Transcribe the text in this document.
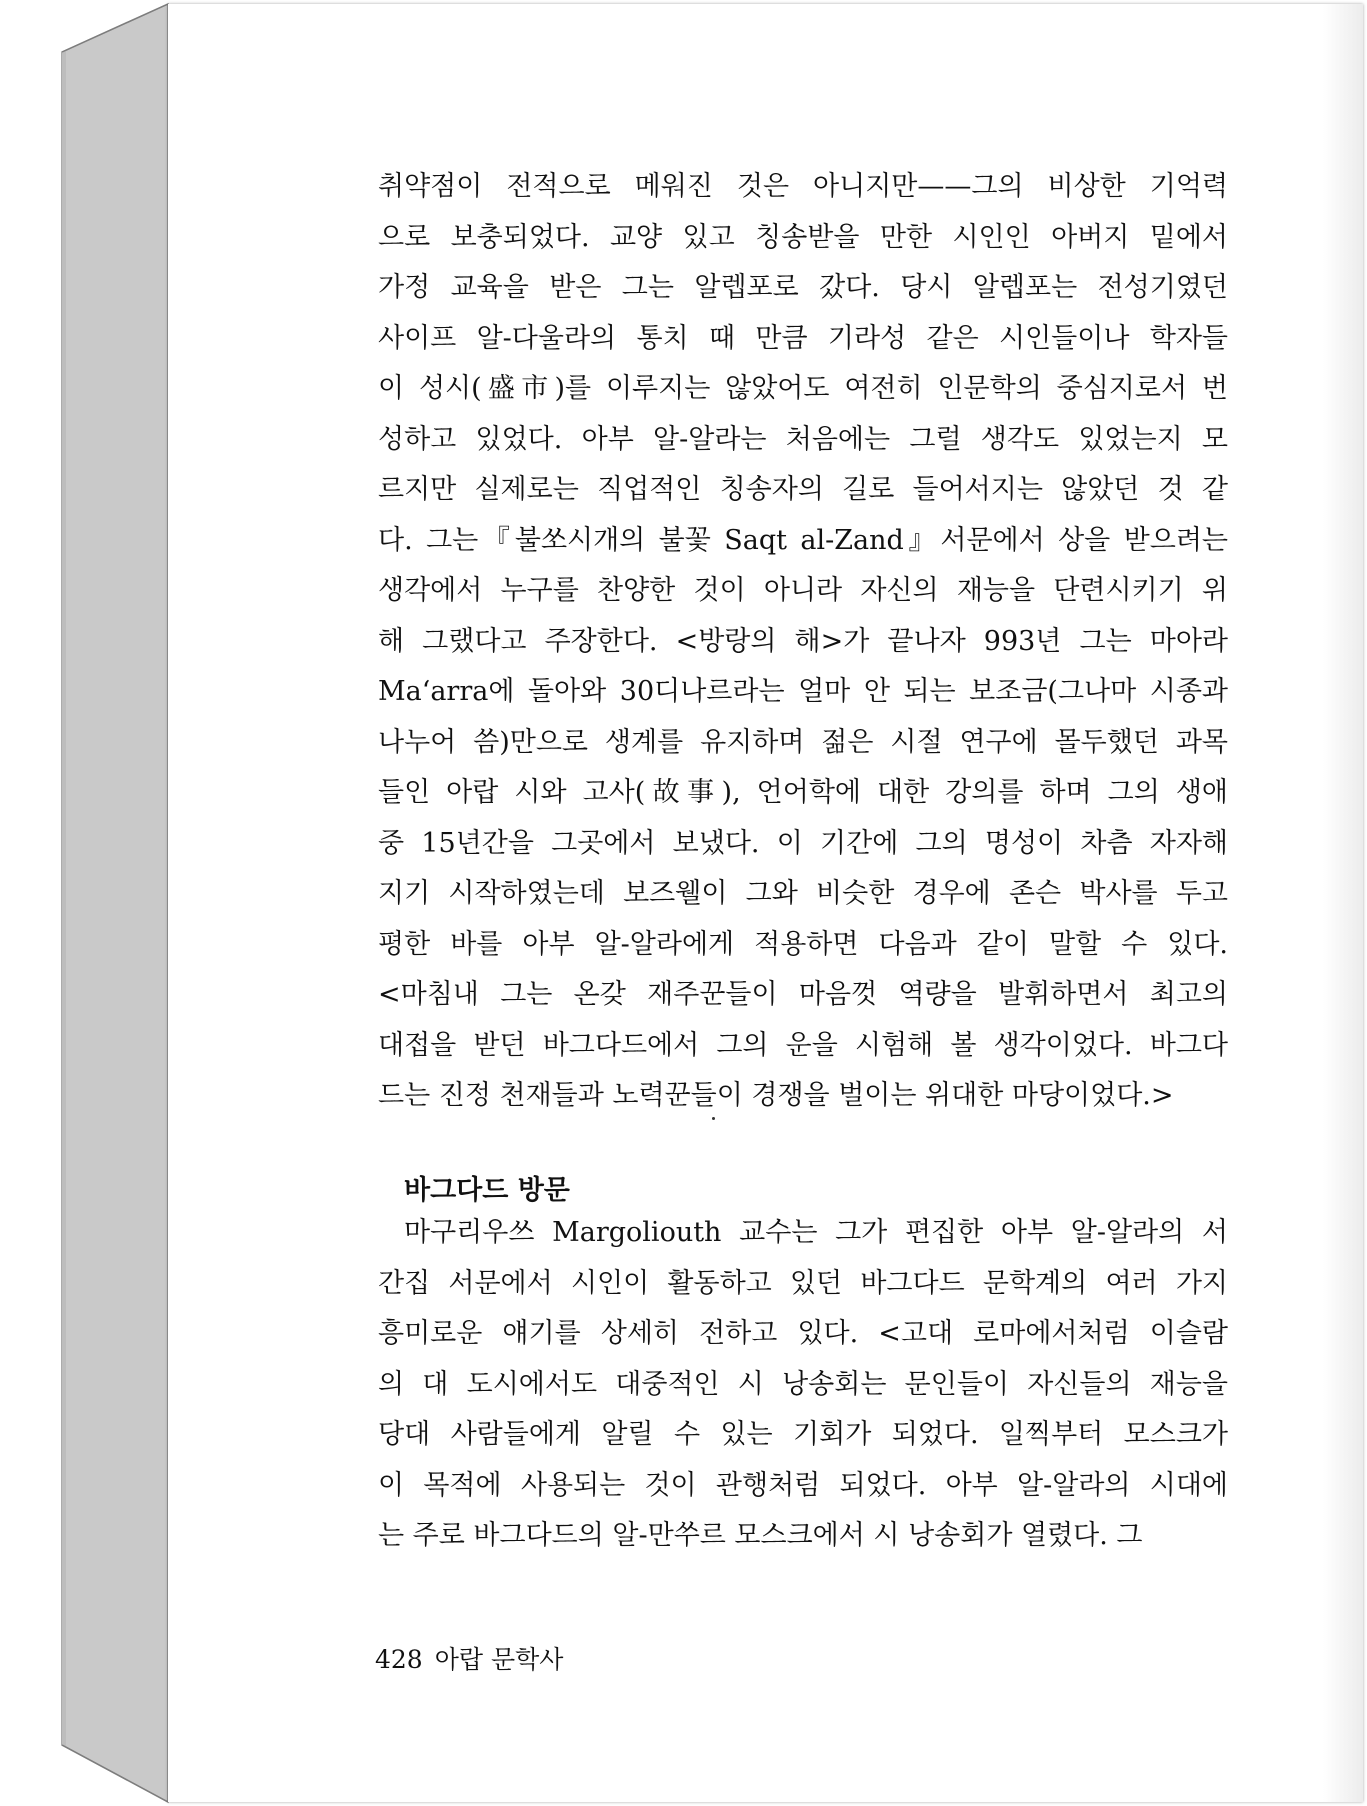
취약점이 전적으로 메워진 것은 아니지만——그의 비상한 기억력
으로 보충되었다. 교양 있고 칭송받을 만한 시인인 아버지 밑에서
가정 교육을 받은 그는 알렙포로 갔다. 당시 알렙포는 전성기였던
사이프 알-다울라의 통치 때 만큼 기라성 같은 시인들이나 학자들
이 성시(盛市)를 이루지는 않았어도 여전히 인문학의 중심지로서 번
성하고 있었다. 아부 알-알라는 처음에는 그럴 생각도 있었는지 모
르지만 실제로는 직업적인 칭송자의 길로 들어서지는 않았던 것 같
다. 그는『불쏘시개의 불꽃 Saqt al-Zand』서문에서 상을 받으려는
생각에서 누구를 찬양한 것이 아니라 자신의 재능을 단련시키기 위
해 그랬다고 주장한다. <방랑의 해>가 끝나자 993년 그는 마아라
Ma‘arra에 돌아와 30디나르라는 얼마 안 되는 보조금(그나마 시종과
나누어 씀)만으로 생계를 유지하며 젊은 시절 연구에 몰두했던 과목
들인 아랍 시와 고사(故事), 언어학에 대한 강의를 하며 그의 생애
중 15년간을 그곳에서 보냈다. 이 기간에 그의 명성이 차츰 자자해
지기 시작하였는데 보즈웰이 그와 비슷한 경우에 존슨 박사를 두고
평한 바를 아부 알-알라에게 적용하면 다음과 같이 말할 수 있다.
<마침내 그는 온갖 재주꾼들이 마음껏 역량을 발휘하면서 최고의
대접을 받던 바그다드에서 그의 운을 시험해 볼 생각이었다. 바그다
드는 진정 천재들과 노력꾼들이 경쟁을 벌이는 위대한 마당이었다.>
바그다드 방문
마구리우쓰 Margoliouth 교수는 그가 편집한 아부 알-알라의 서
간집 서문에서 시인이 활동하고 있던 바그다드 문학계의 여러 가지
흥미로운 얘기를 상세히 전하고 있다. <고대 로마에서처럼 이슬람
의 대 도시에서도 대중적인 시 낭송회는 문인들이 자신들의 재능을
당대 사람들에게 알릴 수 있는 기회가 되었다. 일찍부터 모스크가
이 목적에 사용되는 것이 관행처럼 되었다. 아부 알-알라의 시대에
는 주로 바그다드의 알-만쑤르 모스크에서 시 낭송회가 열렸다. 그
428 아랍 문학사
